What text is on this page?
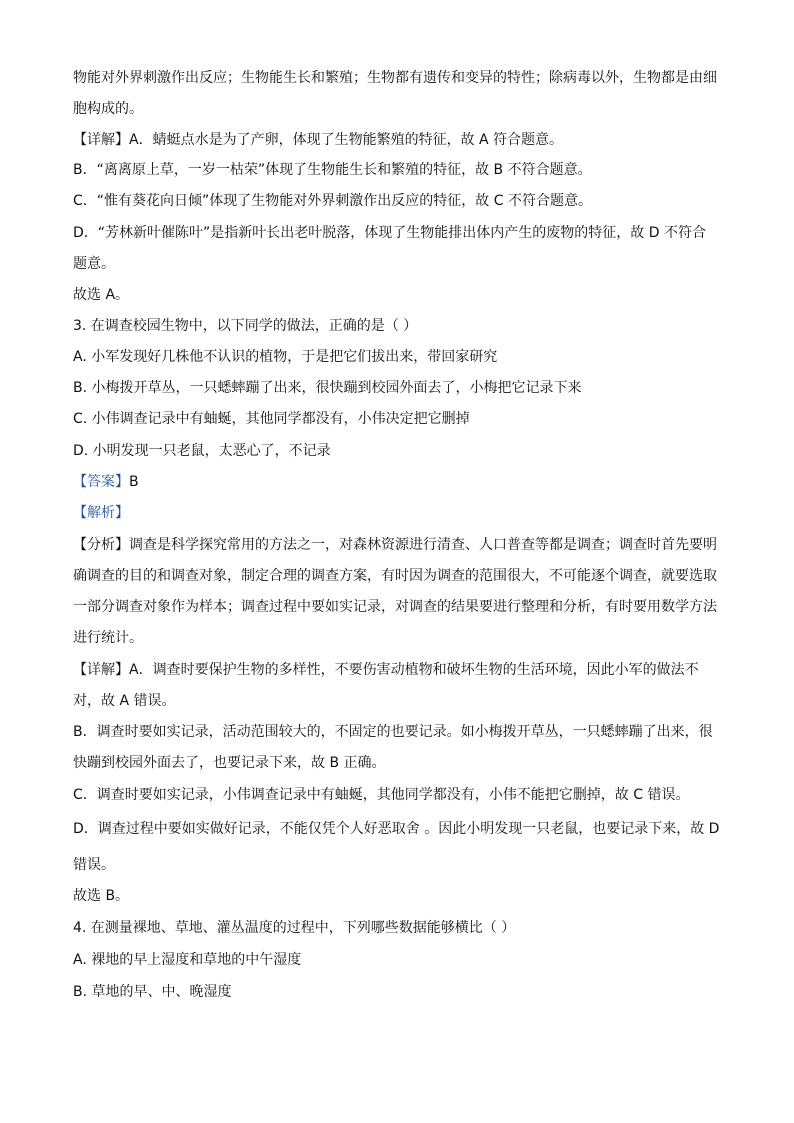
物能对外界刺激作出反应；生物能生长和繁殖；生物都有遗传和变异的特性；除病毒以外，生物都是由细
胞构成的。
【详解】A．蜻蜓点水是为了产卵，体现了生物能繁殖的特征，故 A 符合题意。
B．“离离原上草，一岁一枯荣”体现了生物能生长和繁殖的特征，故 B 不符合题意。
C．“惟有葵花向日倾”体现了生物能对外界刺激作出反应的特征，故 C 不符合题意。
D．“芳林新叶催陈叶”是指新叶长出老叶脱落，体现了生物能排出体内产生的废物的特征，故 D 不符合
题意。
故选 A。
3. 在调查校园生物中，以下同学的做法，正确的是（ ）
A. 小军发现好几株他不认识的植物，于是把它们拔出来，带回家研究
B. 小梅拨开草丛，一只蟋蟀蹦了出来，很快蹦到校园外面去了，小梅把它记录下来
C. 小伟调查记录中有蚰蜒，其他同学都没有，小伟决定把它删掉
D. 小明发现一只老鼠，太恶心了，不记录
【答案】B
【解析】
【分析】调查是科学探究常用的方法之一，对森林资源进行清查、人口普查等都是调查；调查时首先要明
确调查的目的和调查对象，制定合理的调查方案，有时因为调查的范围很大，不可能逐个调查，就要选取
一部分调查对象作为样本；调查过程中要如实记录，对调查的结果要进行整理和分析，有时要用数学方法
进行统计。
【详解】A．调查时要保护生物的多样性，不要伤害动植物和破坏生物的生活环境，因此小军的做法不
对，故 A 错误。
B．调查时要如实记录，活动范围较大的，不固定的也要记录。如小梅拨开草丛，一只蟋蟀蹦了出来，很
快蹦到校园外面去了，也要记录下来，故 B 正确。
C．调查时要如实记录，小伟调查记录中有蚰蜒，其他同学都没有，小伟不能把它删掉，故 C 错误。
D．调查过程中要如实做好记录，不能仅凭个人好恶取舍 。因此小明发现一只老鼠，也要记录下来，故 D
错误。
故选 B。
4. 在测量裸地、草地、灌丛温度的过程中，下列哪些数据能够横比（ ）
A. 裸地的早上湿度和草地的中午湿度
B. 草地的早、中、晚湿度
